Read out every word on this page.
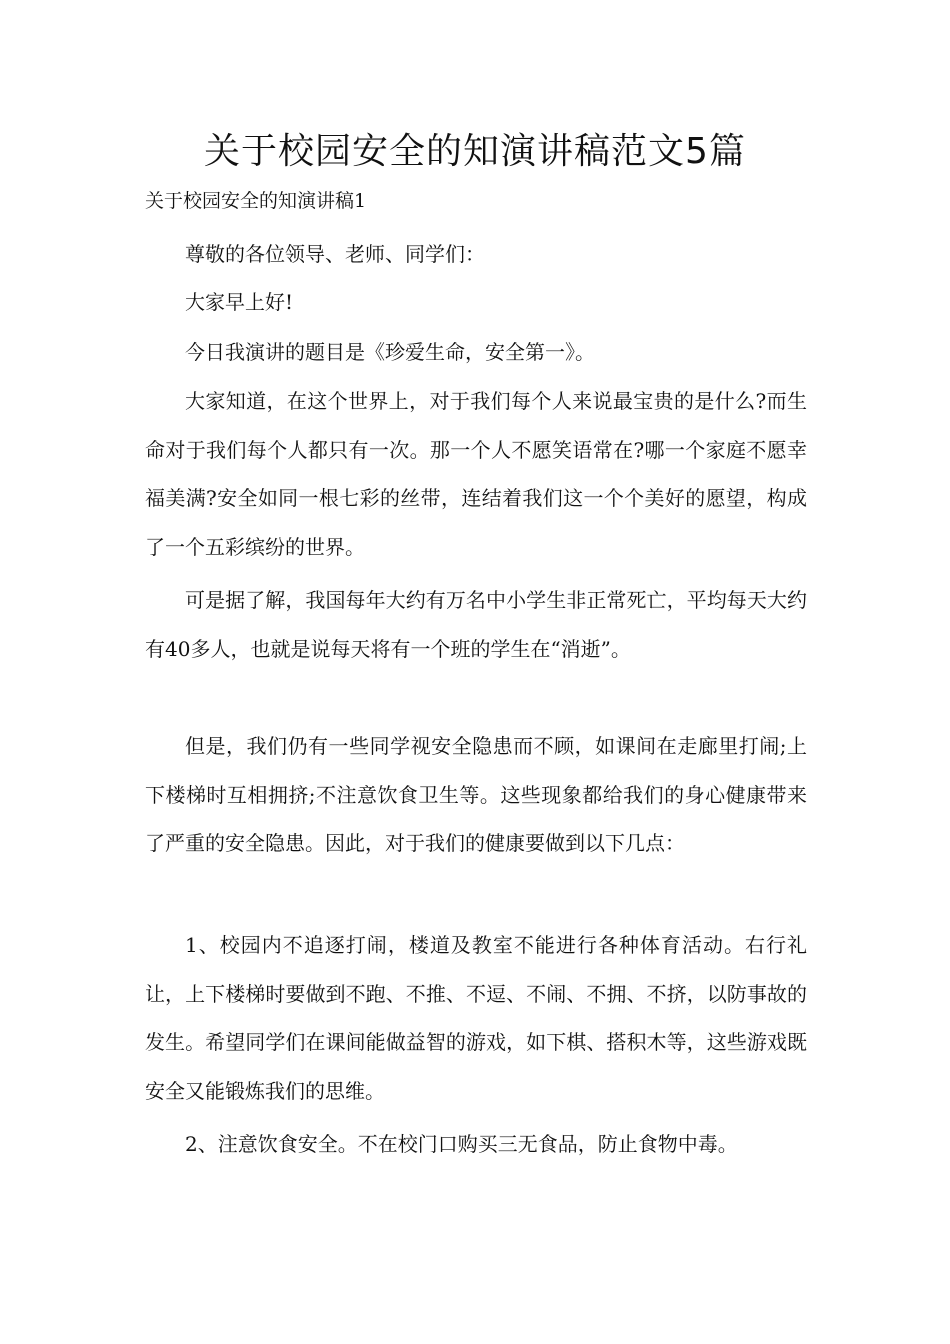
关于校园安全的知演讲稿范文5篇

关于校园安全的知演讲稿1

尊敬的各位领导、老师、同学们：

大家早上好!

今日我演讲的题目是《珍爱生命，安全第一》。

大家知道，在这个世界上，对于我们每个人来说最宝贵的是什么?而生命对于我们每个人都只有一次。那一个人不愿笑语常在?哪一个家庭不愿幸福美满?安全如同一根七彩的丝带，连结着我们这一个个美好的愿望，构成了一个五彩缤纷的世界。

可是据了解，我国每年大约有万名中小学生非正常死亡，平均每天大约有40多人，也就是说每天将有一个班的学生在“消逝”。

但是，我们仍有一些同学视安全隐患而不顾，如课间在走廊里打闹;上下楼梯时互相拥挤;不注意饮食卫生等。这些现象都给我们的身心健康带来了严重的安全隐患。因此，对于我们的健康要做到以下几点：

1、校园内不追逐打闹，楼道及教室不能进行各种体育活动。右行礼让，上下楼梯时要做到不跑、不推、不逗、不闹、不拥、不挤，以防事故的发生。希望同学们在课间能做益智的游戏，如下棋、搭积木等，这些游戏既安全又能锻炼我们的思维。

2、注意饮食安全。不在校门口购买三无食品，防止食物中毒。
